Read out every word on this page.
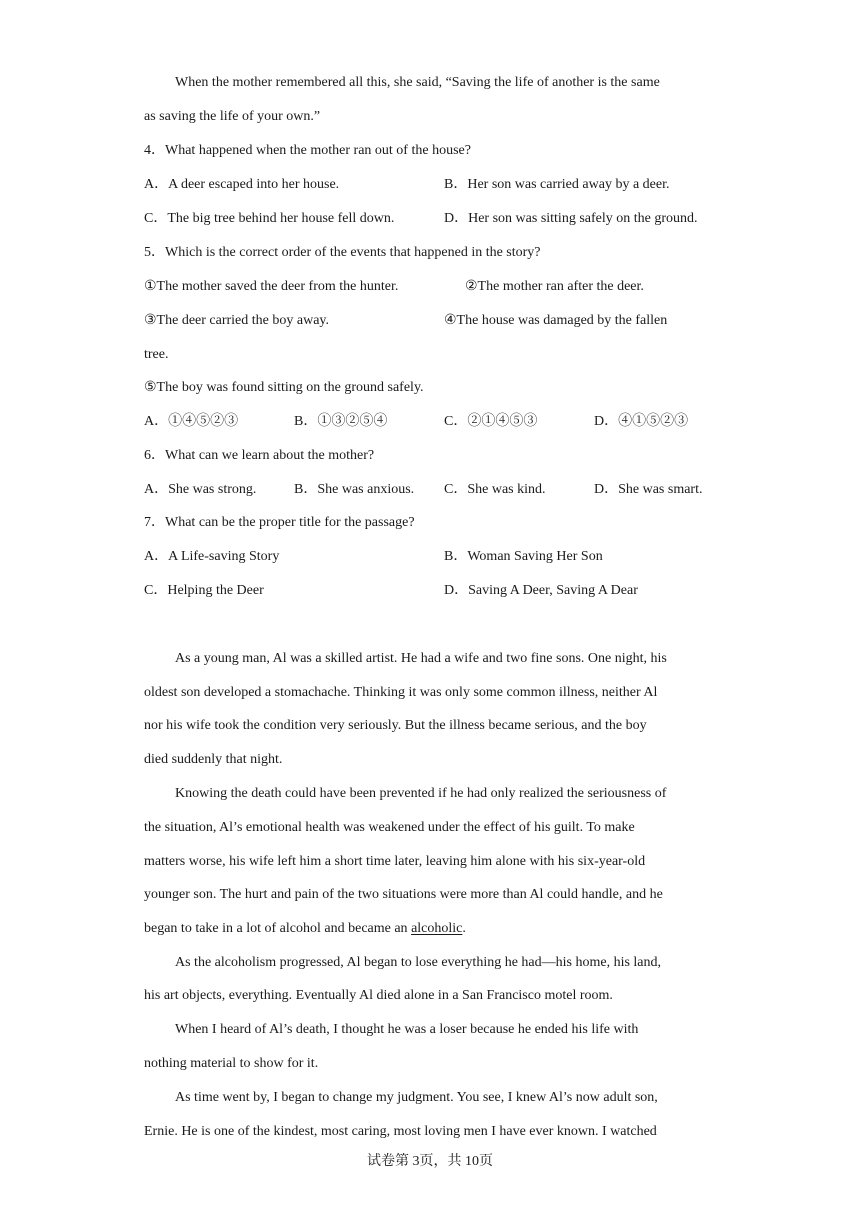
When the mother remembered all this, she said, “Saving the life of another is the same
as saving the life of your own.”
4．What happened when the mother ran out of the house?
A．A deer escaped into her house.	B．Her son was carried away by a deer.
C．The big tree behind her house fell down.	D．Her son was sitting safely on the ground.
5．Which is the correct order of the events that happened in the story?
①The mother saved the deer from the hunter.	②The mother ran after the deer.
③The deer carried the boy away.	④The house was damaged by the fallen
tree.
⑤The boy was found sitting on the ground safely.
A．①④⑤②③	B．①③②⑤④	C．②①④⑤③	D．④①⑤②③
6．What can we learn about the mother?
A．She was strong.	B．She was anxious. C．She was kind.	D．She was smart.
7．What can be the proper title for the passage?
A．A Life-saving Story	B．Woman Saving Her Son
C．Helping the Deer	D．Saving A Deer, Saving A Dear
As a young man, Al was a skilled artist. He had a wife and two fine sons. One night, his
oldest son developed a stomachache. Thinking it was only some common illness, neither Al
nor his wife took the condition very seriously. But the illness became serious, and the boy
died suddenly that night.
Knowing the death could have been prevented if he had only realized the seriousness of
the situation, Al’s emotional health was weakened under the effect of his guilt. To make
matters worse, his wife left him a short time later, leaving him alone with his six-year-old
younger son. The hurt and pain of the two situations were more than Al could handle, and he
began to take in a lot of alcohol and became an alcoholic.
As the alcoholism progressed, Al began to lose everything he had—his home, his land,
his art objects, everything. Eventually Al died alone in a San Francisco motel room.
When I heard of Al’s death, I thought he was a loser because he ended his life with
nothing material to show for it.
As time went by, I began to change my judgment. You see, I knew Al’s now adult son,
Ernie. He is one of the kindest, most caring, most loving men I have ever known. I watched
试卷第 3页，共 10页
